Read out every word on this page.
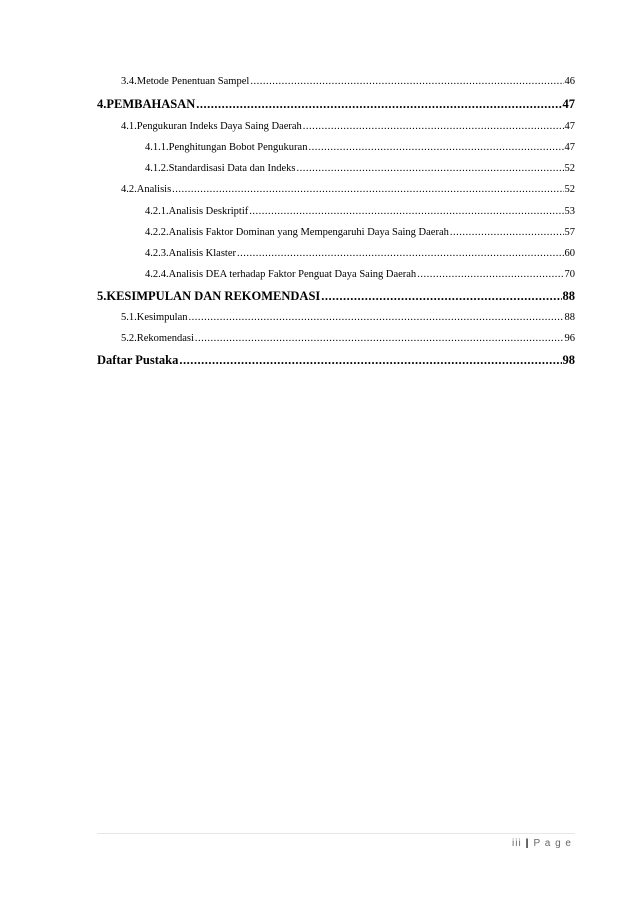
3.4. Metode Penentuan Sampel .....	46
4. PEMBAHASAN .....	47
4.1. Pengukuran Indeks Daya Saing Daerah .....	47
4.1.1. Penghitungan Bobot Pengukuran .....	47
4.1.2. Standardisasi Data dan Indeks .....	52
4.2. Analisis .....	52
4.2.1. Analisis Deskriptif .....	53
4.2.2. Analisis Faktor Dominan yang Mempengaruhi Daya Saing Daerah .....	57
4.2.3. Analisis Klaster .....	60
4.2.4. Analisis DEA terhadap Faktor Penguat Daya Saing Daerah .....	70
5. KESIMPULAN DAN REKOMENDASI .....	88
5.1. Kesimpulan .....	88
5.2. Rekomendasi .....	96
Daftar Pustaka .....	98
iii | P a g e
